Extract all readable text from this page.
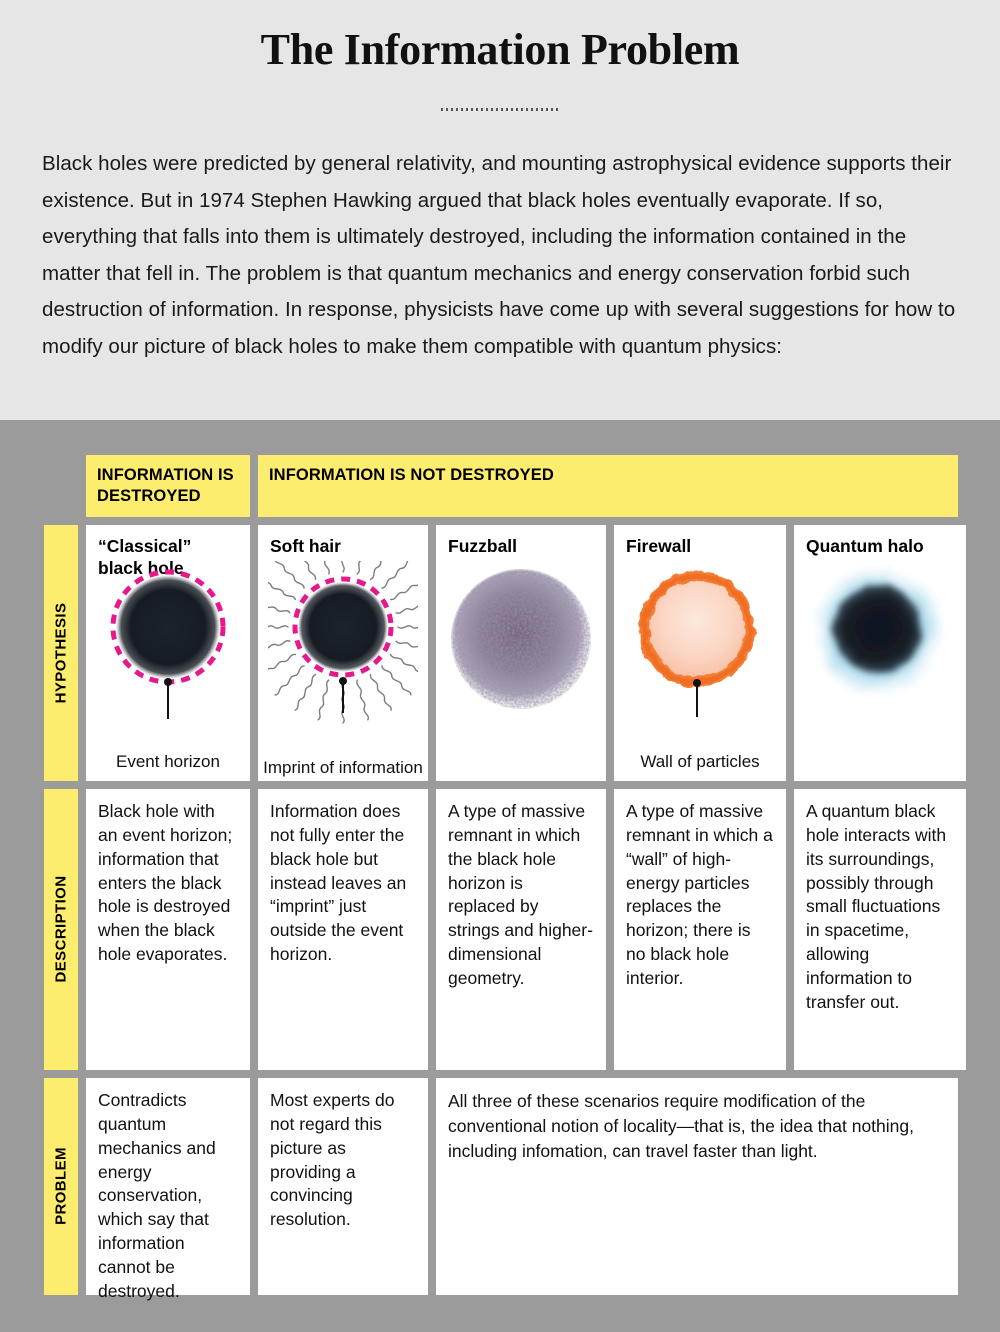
The Information Problem

Black holes were predicted by general relativity, and mounting astrophysical evidence supports their existence. But in 1974 Stephen Hawking argued that black holes eventually evaporate. If so, everything that falls into them is ultimately destroyed, including the information contained in the matter that fell in. The problem is that quantum mechanics and energy conservation forbid such destruction of information. In response, physicists have come up with several suggestions for how to modify our picture of black holes to make them compatible with quantum physics:

INFORMATION IS DESTROYED
INFORMATION IS NOT DESTROYED
HYPOTHESIS
“Classical” black hole
Event horizon
Soft hair
Imprint of information
Fuzzball	Firewall
Wall of particles
Quantum halo
DESCRIPTION
Black hole with an event horizon; information that enters the black hole is destroyed when the black hole evaporates.
Information does not fully enter the black hole but instead leaves an “imprint” just outside the event horizon.
A type of massive remnant in which the black hole horizon is replaced by strings and higher-dimensional geometry.
A type of massive remnant in which a “wall” of high-energy particles replaces the horizon; there is no black hole interior.
A quantum black hole interacts with its surroundings, possibly through small fluctuations in spacetime, allowing information to transfer out.
PROBLEM
Contradicts quantum mechanics and energy conservation, which say that information cannot be destroyed.
Most experts do not regard this picture as providing a convincing resolution.
All three of these scenarios require modification of the conventional notion of locality—that is, the idea that nothing, including infomation, can travel faster than light.
